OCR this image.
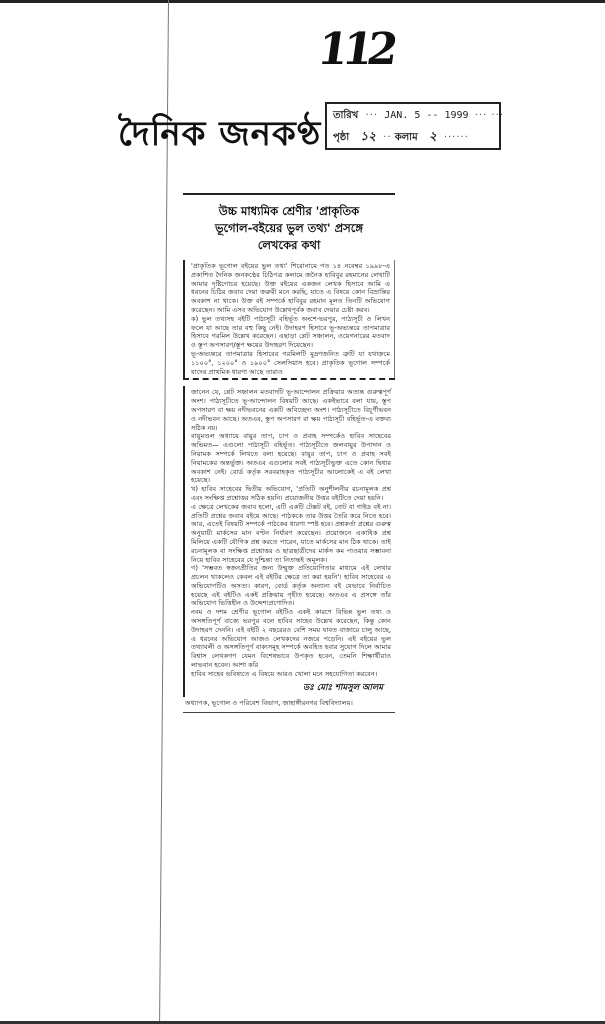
112
দৈনিক জনকণ্ঠ তারিখ ··· JAN. 5 -- 1999 ··· ···
পৃষ্ঠা ১২ ·· কলাম ২ ······
উচ্চ মাধ্যমিক শ্রেণীর 'প্রাকৃতিক
ভূগোল-বইয়ের ভুল তথ্য' প্রসঙ্গে
লেখকের কথা

'প্রাকৃতিক ভূগোল বইয়ের ভুল তথ্য' শিরোনামে গত ১৪ নবেম্বর ১৯৯৮-এ প্রকাশিত দৈনিক জনকণ্ঠের চিঠিপত্র কলামে জনৈক হাবিবুর রহমানের লেখাটি আমার দৃষ্টিগোচর হয়েছে। উক্ত বইয়ের একজন লেখক হিসাবে আমি এ ধরনের চিঠির জবাব দেয়া জরুরী মনে করছি, যাতে এ বিষয়ে কোন বিভ্রান্তির অবকাশ না থাকে। উক্ত বই সম্পর্কে হাবিবুর রহমান মূলত তিনটি অভিযোগ করেছেন। আমি এসব অভিযোগ উল্লেখপূর্বক জবাব দেয়ার চেষ্টা করব।

ক) ভুল তথ্যসহ বইটি পাঠ্যসূচী বহির্ভূত অংশে-ভরপুর, পাঠ্যসূচী ও লিখন ফলে যা আছে তার বহু কিছু নেই। উদাহরণ হিসাবে ভূ-অভ্যন্তরে তাপমাত্রার হিসাবে গরমিল উল্লেখ করেছেন। এছাড়া প্লেট সঞ্চালন, ওয়েগনারের মতবাদ ও স্তূপ অপসারণ/স্তূপ ক্ষয়ের উদাহরণ দিয়েছেন।

ভূ-অভ্যন্তরে তাপমাত্রার হিসাবের গরমিলটি মুদ্রণজনিত ত্রুটি যা যথাক্রমে ১১০০°, ১২০০° ও ১৯০০° সেলসিয়াস হবে। প্রাকৃতিক ভূগোল সম্পর্কে যাদের প্রাথমিক ধারণা আছে তারাও

জানেন যে, প্লেট সঞ্চালন মতবাদটি ভূ-আন্দোলন প্রক্রিয়ার অত্যন্ত গুরুত্বপূর্ণ অংশ। পাঠ্যসূচীতে ভূ-আন্দোলন বিষয়টি আছে। একইভাবে বলা যায়, স্তূপ অপসারণ বা ক্ষয় নদীভবনের একটি অবিচ্ছেদ্য অংশ। পাঠ্যসূচীতে বিচূর্ণীভবন ও নদীভবন আছে। অতএব, স্তূপ অপসারণ বা ক্ষয় পাঠ্যসূচী বহির্ভূত-এ বক্তব্য সঠিক নয়।

বায়ুমণ্ডল অধ্যায়ে বায়ুর তাপ, চাপ ও প্রবাহ সম্পর্কেও হাবিব সাহেবের অভিমত— এগুলো পাঠ্যসূচী বহির্ভূত। পাঠ্যসূচীতে জলবায়ুর উপাদান ও নিয়ামক সম্পর্কে লিখতে বলা হয়েছে। বায়ুর তাপ, চাপ ও প্রবাহ সবই নিয়ামকের অন্তর্ভুক্ত। অতএব এগুলোর সবই পাঠ্যসূচীভুক্ত এতে কোন দ্বিধার অবকাশ নেই। বোর্ড কর্তৃক সরবরাহকৃত পাঠ্যসূচীর আলোকেই এ বই লেখা হয়েছে।

খ) হাবিব সাহেবের দ্বিতীয় অভিযোগ, 'প্রতিটি অনুশীলনীর রচনামূলক প্রশ্ন এবং সংক্ষিপ্ত প্রশ্নোত্তর সঠিক হয়নি। প্রয়োজনীয় উত্তর বইটিতে দেয়া হয়নি।

এ ক্ষেত্রে লেখকের জবাব হলো, এটি একটি টেক্সট বই, নোট বা গাইড বই না। প্রতিটি প্রশ্নের জবাব বইয়ে আছে। পাঠককে তার উত্তর তৈরি করে নিতে হবে। আর, এতেই বিষয়টি সম্পর্কে পাঠকের ধারণা স্পষ্ট হবে। প্রশ্নকর্তা প্রশ্নের গুরুত্ব অনুযায়ী মার্কসের মান বণ্টন নির্ধারণ করেছেন। প্রয়োজনে একাধিক প্রশ্ন মিলিয়ে একটি যৌগিক প্রশ্ন করতে পারেন, যাতে মার্কসের মান ঠিক থাকে। তাই রচনামূলক বা সংক্ষিপ্ত প্রশ্নোত্তর ও ছাত্রছাত্রীদের মার্কস কম পাওয়ার সম্ভাবনা নিয়ে হাবিব সাহেবের যে দুশ্চিন্তা তা নিতান্তই অমূলক।

গ) 'সম্ভবত স্বজনপ্রীতির জন্য উন্মুক্ত প্রতিযোগিতার মাধ্যমে এই লেখার প্রচলন থাকলেও কেবল এই বইটির ক্ষেত্রে তা করা হয়নি'। হাবিব সাহেবের এ অভিযোগটিও অসত্য। কারণ, বোর্ড কর্তৃক অন্যান্য বই যেভাবে নির্বাচিত হয়েছে এই বইটিও একই প্রক্রিয়ায় গৃহীত হয়েছে। অতএব এ প্রসঙ্গে তাঁর অভিযোগ ভিত্তিহীন ও উদ্দেশ্যপ্রণোদিত।

নবম ও দশম শ্রেণীর ভূগোল বইটিও একই কারণে বিভিন্ন ভুল তথ্য ও অসঙ্গতিপূর্ণ বাক্যে ভরপুর বলে হাবিব সাহেব উল্লেখ করেছেন, কিন্তু কোন উদাহরণ দেননি। এই বইটি ২ বছরেরও বেশি সময় যাবত বাজারে চালু আছে, এ ধরনের অভিযোগ আজও লেখকদের নজরে পড়েনি। এই বইয়ের ভুল তথ্যাবলী ও অসঙ্গতিপূর্ণ বাক্যসমূহ সম্পর্কে অবহিত হবার সুযোগ দিলে আমার বিশ্বাস লেখকগণ যেমন বিশেষভাবে উপকৃত হবেন, তেমনি শিক্ষার্থীরাও লাভবান হবেন। আশা করি

হাবিব সাহেব ভবিষ্যতে এ বিষয়ে আরও খোলা মনে সহযোগিতা করবেন।

ডঃ মোঃ শামসুল আলম
অধ্যাপক, ভূগোল ও পরিবেশ বিভাগ, জাহাঙ্গীরনগর বিশ্ববিদ্যালয়।
